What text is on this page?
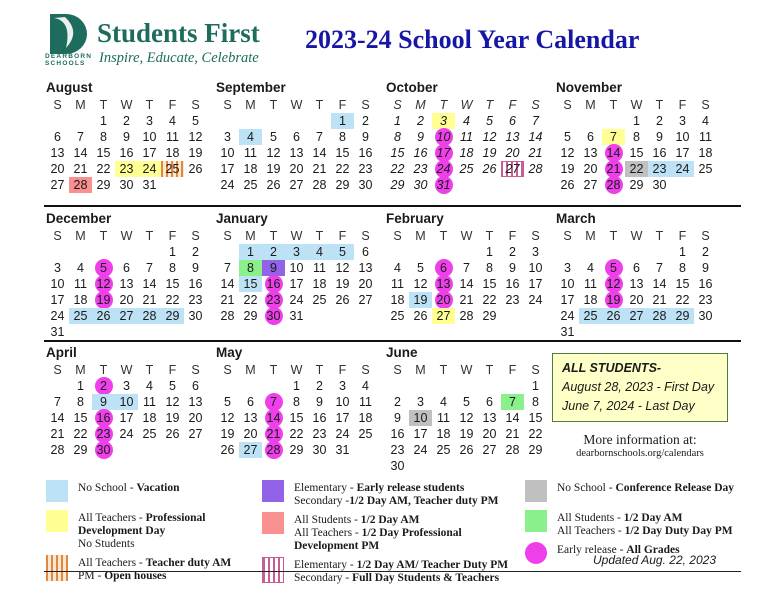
DEARBORN
SCHOOLS
Students First
Inspire, Educate, Celebrate
2023-24 School Year Calendar
August
S	M	T	W	T	F	S

		1	2	3	4	5

6	7	8	9	10	11	12

13	14	15	16	17	18	19

20	21	22	23	24	25	26

27	28	29	30	31		

September
S	M	T	W	T	F	S

					1	2

3	4	5	6	7	8	9

10	11	12	13	14	15	16

17	18	19	20	21	22	23

24	25	26	27	28	29	30
October
S	M	T	W	T	F	S

1	2	3	4	5	6	7

8	9	10	11	12	13	14

15	16	17	18	19	20	21

22	23	24	25	26	27	28

29	30	31				

November
S	M	T	W	T	F	S

			1	2	3	4

5	6	7	8	9	10	11

12	13	14	15	16	17	18

19	20	21	22	23	24	25

26	27	28	29	30		

December
S	M	T	W	T	F	S

					1	2

3	4	5	6	7	8	9

10	11	12	13	14	15	16

17	18	19	20	21	22	23

24	25	26	27	28	29	30

31						

January
S	M	T	W	T	F	S

	1	2	3	4	5	6

7	8	9	10	11	12	13

14	15	16	17	18	19	20

21	22	23	24	25	26	27

28	29	30	31			

February
S	M	T	W	T	F	S

				1	2	3

4	5	6	7	8	9	10

11	12	13	14	15	16	17

18	19	20	21	22	23	24

25	26	27	28	29		

March
S	M	T	W	T	F	S

					1	2

3	4	5	6	7	8	9

10	11	12	13	14	15	16

17	18	19	20	21	22	23

24	25	26	27	28	29	30

31						

April
S	M	T	W	T	F	S

	1	2	3	4	5	6

7	8	9	10	11	12	13

14	15	16	17	18	19	20

21	22	23	24	25	26	27

28	29	30				

May
S	M	T	W	T	F	S

			1	2	3	4

5	6	7	8	9	10	11

12	13	14	15	16	17	18

19	20	21	22	23	24	25

26	27	28	29	30	31	

June
S	M	T	W	T	F	S

						1

2	3	4	5	6	7	8

9	10	11	12	13	14	15

16	17	18	19	20	21	22

23	24	25	26	27	28	29

30						

ALL STUDENTS-
August 28, 2023 - First Day
June 7, 2024 - Last Day
More information at:
dearbornschools.org/calendars
No School - Vacation
All Teachers - Professional Development Day
No Students
All Teachers - Teacher duty AM
PM - Open houses
Elementary - Early release students
Secondary -1/2 Day AM, Teacher duty PM
All Students - 1/2 Day AM
All Teachers - 1/2 Day Professional Development PM
Elementary - 1/2 Day AM/ Teacher Duty PM
Secondary - Full Day Students & Teachers
No School - Conference Release Day
All Students - 1/2 Day AM
All Teachers - 1/2 Day Duty Day PM
Early release - All Grades
Updated Aug. 22, 2023
